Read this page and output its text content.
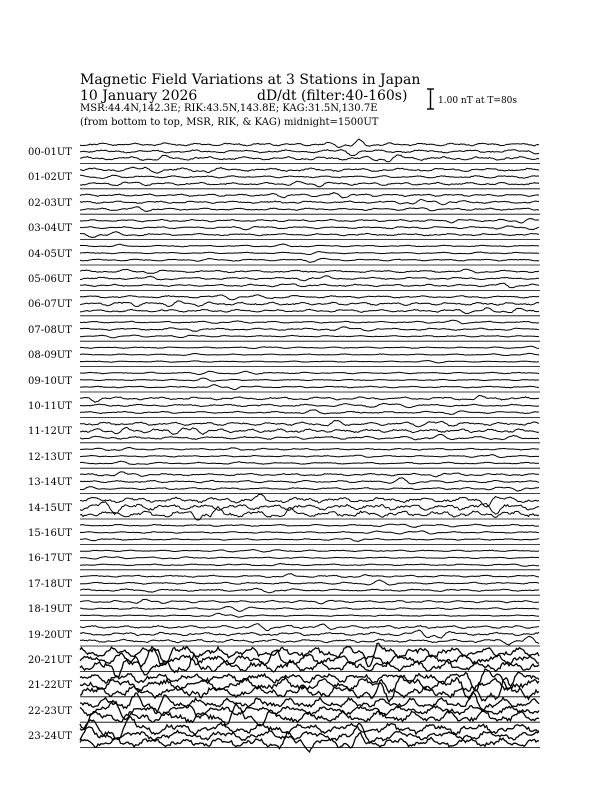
Magnetic Field Variations at 3 Stations in Japan
10 January 2026	dD/dt (filter:40-160s)
MSR:44.4N,142.3E; RIK:43.5N,143.8E; KAG:31.5N,130.7E
(from bottom to top, MSR, RIK, & KAG) midnight=1500UT
1.00 nT at T=80s
00-01UT
01-02UT
02-03UT
03-04UT
04-05UT
05-06UT
06-07UT
07-08UT
08-09UT
09-10UT
10-11UT
11-12UT
12-13UT
13-14UT
14-15UT
15-16UT
16-17UT
17-18UT
18-19UT
19-20UT
20-21UT
21-22UT
22-23UT
23-24UT
